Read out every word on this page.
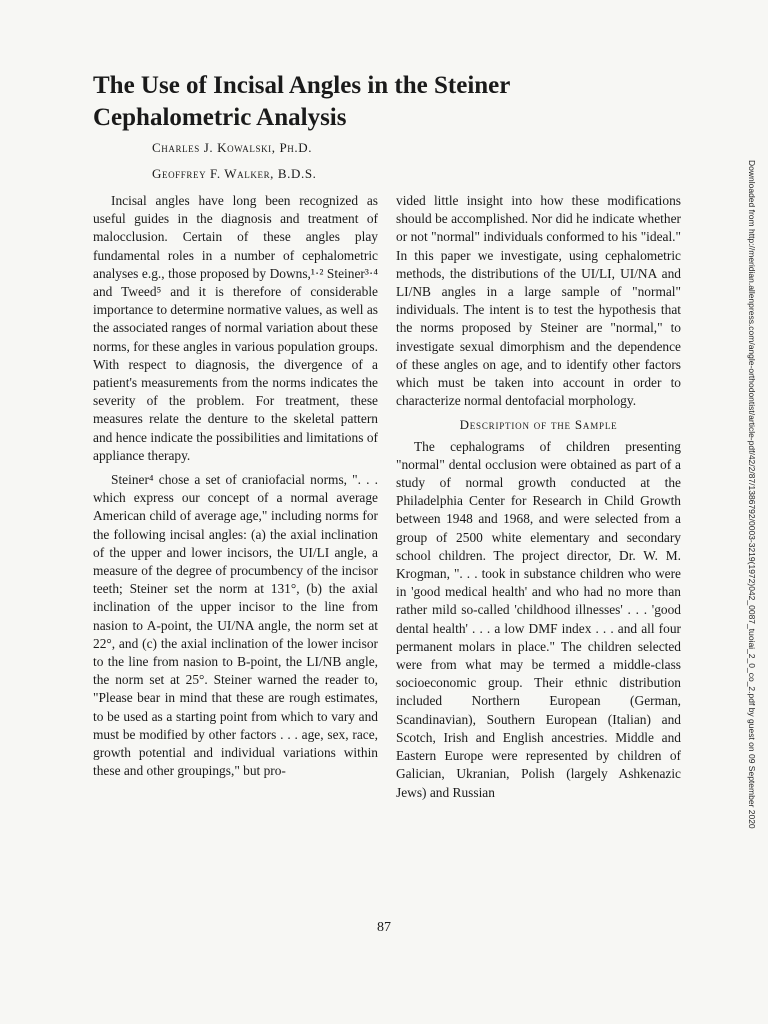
The Use of Incisal Angles in the Steiner Cephalometric Analysis
Charles J. Kowalski, Ph.D.
Geoffrey F. Walker, B.D.S.

Incisal angles have long been recognized as useful guides in the diagnosis and treatment of malocclusion. Certain of these angles play fundamental roles in a number of cephalometric analyses e.g., those proposed by Downs,¹·² Steiner³·⁴ and Tweed⁵ and it is therefore of considerable importance to determine normative values, as well as the associated ranges of normal variation about these norms, for these angles in various population groups. With respect to diagnosis, the divergence of a patient's measurements from the norms indicates the severity of the problem. For treatment, these measures relate the denture to the skeletal pattern and hence indicate the possibilities and limitations of appliance therapy.

Steiner⁴ chose a set of craniofacial norms, ". . . which express our concept of a normal average American child of average age," including norms for the following incisal angles: (a) the axial inclination of the upper and lower incisors, the UI/LI angle, a measure of the degree of procumbency of the incisor teeth; Steiner set the norm at 131°, (b) the axial inclination of the upper incisor to the line from nasion to A-point, the UI/NA angle, the norm set at 22°, and (c) the axial inclination of the lower incisor to the line from nasion to B-point, the LI/NB angle, the norm set at 25°. Steiner warned the reader to, "Please bear in mind that these are rough estimates, to be used as a starting point from which to vary and must be modified by other factors . . . age, sex, race, growth potential and individual variations within these and other groupings," but pro-

vided little insight into how these modifications should be accomplished. Nor did he indicate whether or not "normal" individuals conformed to his "ideal." In this paper we investigate, using cephalometric methods, the distributions of the UI/LI, UI/NA and LI/NB angles in a large sample of "normal" individuals. The intent is to test the hypothesis that the norms proposed by Steiner are "normal," to investigate sexual dimorphism and the dependence of these angles on age, and to identify other factors which must be taken into account in order to characterize normal dentofacial morphology.

Description of the Sample

The cephalograms of children presenting "normal" dental occlusion were obtained as part of a study of normal growth conducted at the Philadelphia Center for Research in Child Growth between 1948 and 1968, and were selected from a group of 2500 white elementary and secondary school children. The project director, Dr. W. M. Krogman, ". . . took in substance children who were in 'good medical health' and who had no more than rather mild so-called 'childhood illnesses' . . . 'good dental health' . . . a low DMF index . . . and all four permanent molars in place." The children selected were from what may be termed a middle-class socioeconomic group. Their ethnic distribution included Northern European (German, Scandinavian), Southern European (Italian) and Scotch, Irish and English ancestries. Middle and Eastern Europe were represented by children of Galician, Ukranian, Polish (largely Ashkenazic Jews) and Russian

87
Downloaded from http://meridian.allenpress.com/angle-orthodontist/article-pdf/42/2/87/1386792/0003-3219(1972)042_0087_tuoiai_2_0_co_2.pdf by guest on 09 September 2020
